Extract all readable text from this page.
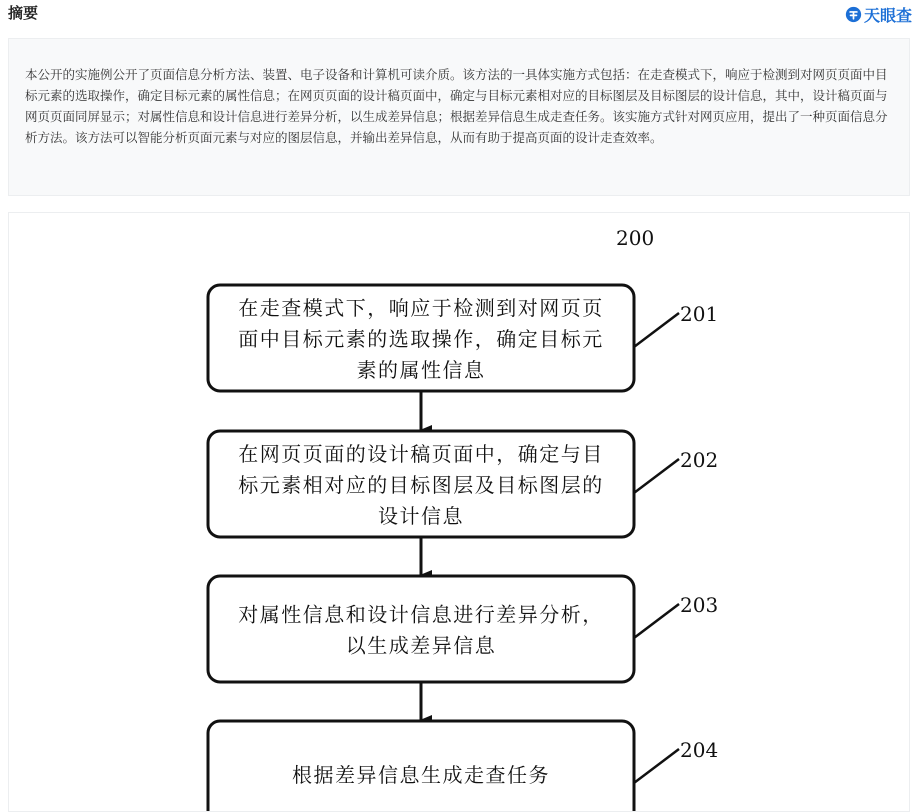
摘要	天眼查

本公开的实施例公开了页面信息分析方法、装置、电子设备和计算机可读介质。该方法的一具体实施方式包括：在走查模式下，响应于检测到对网页页面中目标元素的选取操作，确定目标元素的属性信息；在网页页面的设计稿页面中，确定与目标元素相对应的目标图层及目标图层的设计信息，其中，设计稿页面与网页页面同屏显示；对属性信息和设计信息进行差异分析，以生成差异信息；根据差异信息生成走查任务。该实施方式针对网页应用，提出了一种页面信息分析方法。该方法可以智能分析页面元素与对应的图层信息，并输出差异信息，从而有助于提高页面的设计走查效率。

200
在走查模式下，响应于检测到对网页页
面中目标元素的选取操作，确定目标元
素的属性信息
201
在网页页面的设计稿页面中，确定与目
标元素相对应的目标图层及目标图层的
设计信息
202
对属性信息和设计信息进行差异分析，
以生成差异信息
203
根据差异信息生成走查任务
204
